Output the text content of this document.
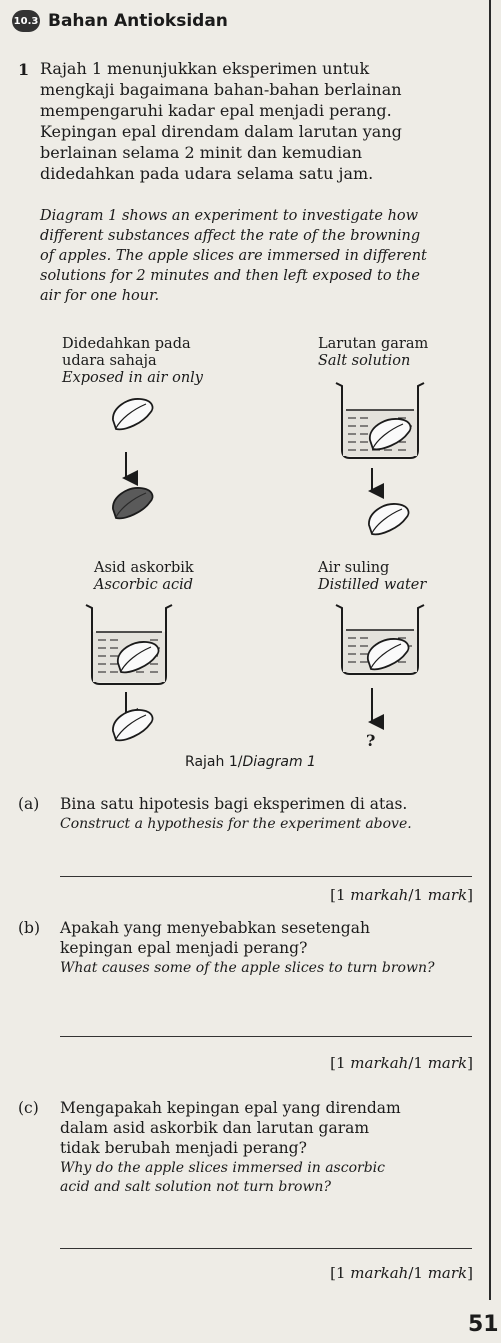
10.3 Bahan Antioksidan
1 Rajah 1 menunjukkan eksperimen untuk
mengkaji bagaimana bahan-bahan berlainan
mempengaruhi kadar epal menjadi perang.
Kepingan epal direndam dalam larutan yang
berlainan selama 2 minit dan kemudian
didedahkan pada udara selama satu jam.
Diagram 1 shows an experiment to investigate how
different substances affect the rate of the browning
of apples. The apple slices are immersed in different
solutions for 2 minutes and then left exposed to the
air for one hour.
Didedahkan pada
udara sahaja
Exposed in air only
Larutan garam
Salt solution
Asid askorbik
Ascorbic acid
Air suling
Distilled water
?
Rajah 1/Diagram 1
(a) Bina satu hipotesis bagi eksperimen di atas.
Construct a hypothesis for the experiment above.
[1 markah/1 mark]
(b) Apakah yang menyebabkan sesetengah
kepingan epal menjadi perang?
What causes some of the apple slices to turn brown?
[1 markah/1 mark]
(c) Mengapakah kepingan epal yang direndam
dalam asid askorbik dan larutan garam
tidak berubah menjadi perang?
Why do the apple slices immersed in ascorbic
acid and salt solution not turn brown?
[1 markah/1 mark]
51
